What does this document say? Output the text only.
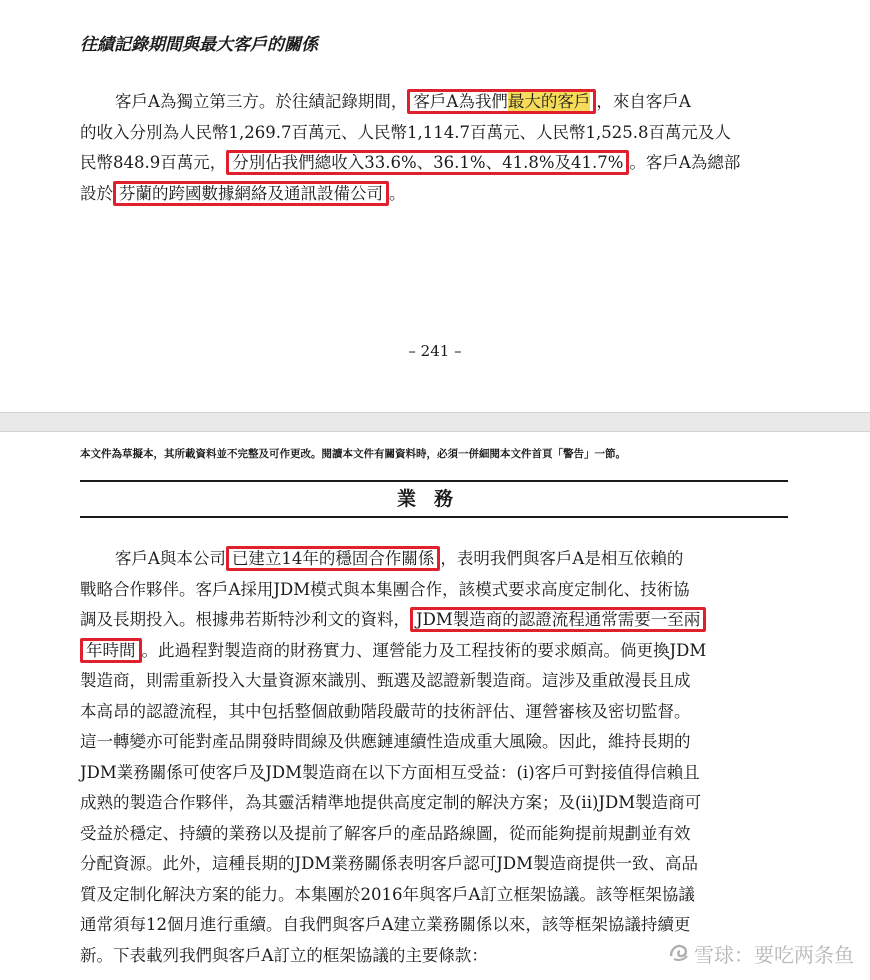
往績記錄期間與最大客戶的關係
客戶A為獨立第三方。於往績記錄期間， 客戶A為我們最大的客戶 ，來自客戶A
的收入分別為人民幣1,269.7百萬元、人民幣1,114.7百萬元、人民幣1,525.8百萬元及人
民幣848.9百萬元， 分別佔我們總收入33.6%、36.1%、41.8%及41.7% 。客戶A為總部
設於 芬蘭的跨國數據網絡及通訊設備公司 。
– 241 –
本文件為草擬本，其所載資料並不完整及可作更改。閱讀本文件有關資料時，必須一併細閱本文件首頁「警告」一節。
業務
客戶A與本公司 已建立14年的穩固合作關係 ，表明我們與客戶A是相互依賴的
戰略合作夥伴。客戶A採用JDM模式與本集團合作，該模式要求高度定制化、技術協
調及長期投入。根據弗若斯特沙利文的資料， JDM製造商的認證流程通常需要一至兩
年時間 。此過程對製造商的財務實力、運營能力及工程技術的要求頗高。倘更換JDM
製造商，則需重新投入大量資源來識別、甄選及認證新製造商。這涉及重啟漫長且成
本高昂的認證流程，其中包括整個啟動階段嚴苛的技術評估、運營審核及密切監督。
這一轉變亦可能對產品開發時間線及供應鏈連續性造成重大風險。因此，維持長期的
JDM業務關係可使客戶及JDM製造商在以下方面相互受益：(i)客戶可對接值得信賴且
成熟的製造合作夥伴，為其靈活精準地提供高度定制的解決方案；及(ii)JDM製造商可
受益於穩定、持續的業務以及提前了解客戶的產品路線圖，從而能夠提前規劃並有效
分配資源。此外，這種長期的JDM業務關係表明客戶認可JDM製造商提供一致、高品
質及定制化解決方案的能力。本集團於2016年與客戶A訂立框架協議。該等框架協議
通常須每12個月進行重續。自我們與客戶A建立業務關係以來，該等框架協議持續更
新。下表載列我們與客戶A訂立的框架協議的主要條款：	雪球：要吃两条鱼
